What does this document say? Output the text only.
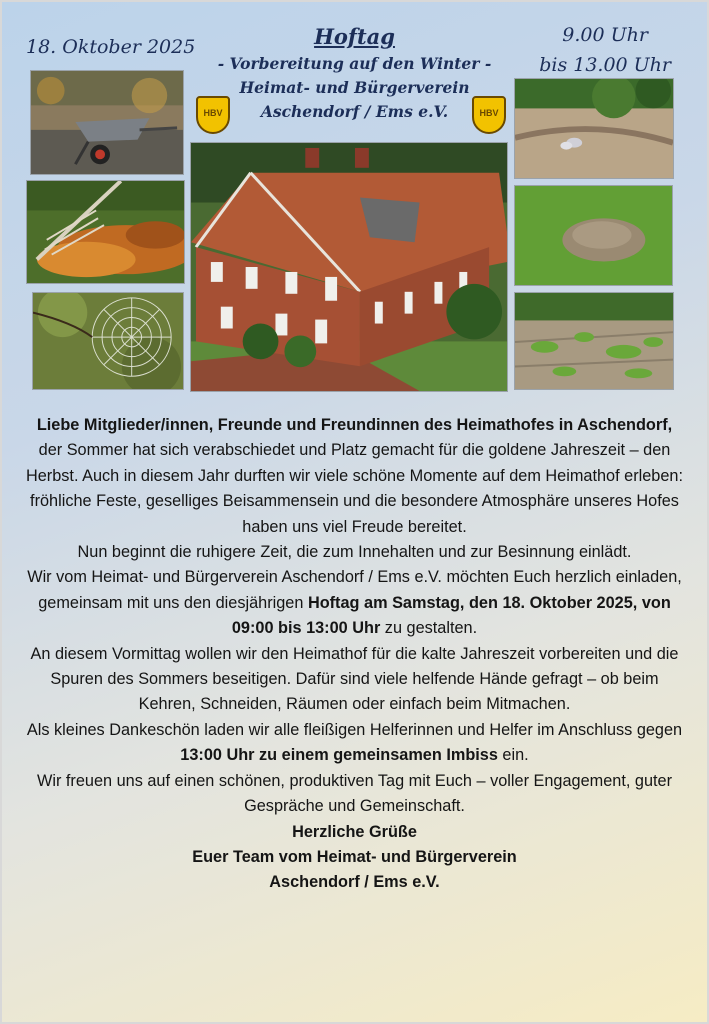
18. Oktober 2025
9.00 Uhr
bis 13.00 Uhr
Hoftag
- Vorbereitung auf den Winter -
Heimat- und Bürgerverein
Aschendorf / Ems e.V.
HBV	HBV

Liebe Mitglieder/innen, Freunde und Freundinnen des Heimathofes in Aschendorf,

der Sommer hat sich verabschiedet und Platz gemacht für die goldene Jahreszeit – den Herbst. Auch in diesem Jahr durften wir viele schöne Momente auf dem Heimathof erleben: fröhliche Feste, geselliges Beisammensein und die besondere Atmosphäre unseres Hofes haben uns viel Freude bereitet.

Nun beginnt die ruhigere Zeit, die zum Innehalten und zur Besinnung einlädt.

Wir vom Heimat- und Bürgerverein Aschendorf / Ems e.V. möchten Euch herzlich einladen, gemeinsam mit uns den diesjährigen Hoftag am Samstag, den 18. Oktober 2025, von 09:00 bis 13:00 Uhr zu gestalten.

An diesem Vormittag wollen wir den Heimathof für die kalte Jahreszeit vorbereiten und die Spuren des Sommers beseitigen. Dafür sind viele helfende Hände gefragt – ob beim Kehren, Schneiden, Räumen oder einfach beim Mitmachen.

Als kleines Dankeschön laden wir alle fleißigen Helferinnen und Helfer im Anschluss gegen 13:00 Uhr zu einem gemeinsamen Imbiss ein.

Wir freuen uns auf einen schönen, produktiven Tag mit Euch – voller Engagement, guter Gespräche und Gemeinschaft.

Herzliche Grüße

Euer Team vom Heimat- und Bürgerverein

Aschendorf / Ems e.V.
